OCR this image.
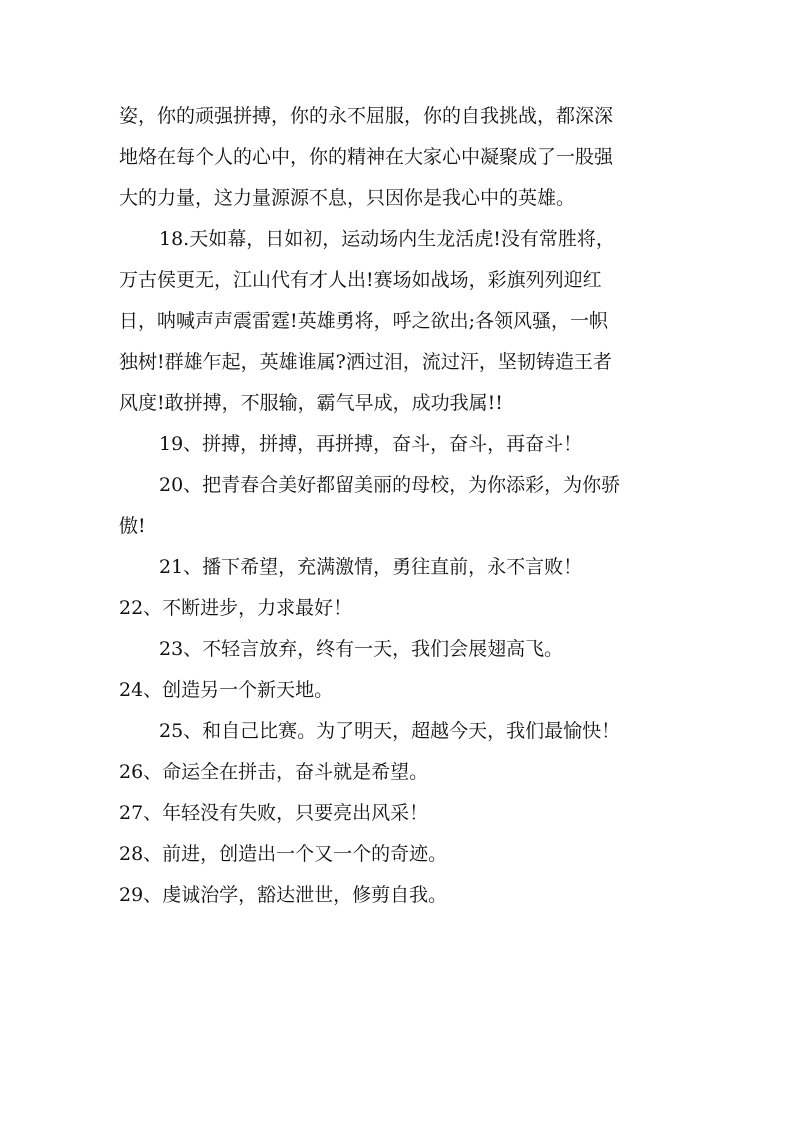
姿，你的顽强拼搏，你的永不屈服，你的自我挑战，都深深
地烙在每个人的心中，你的精神在大家心中凝聚成了一股强
大的力量，这力量源源不息，只因你是我心中的英雄。
18.天如幕，日如初，运动场内生龙活虎!没有常胜将，
万古侯更无，江山代有才人出!赛场如战场，彩旗列列迎红
日，呐喊声声震雷霆!英雄勇将，呼之欲出;各领风骚，一帜
独树!群雄乍起，英雄谁属?洒过泪，流过汗，坚韧铸造王者
风度!敢拼搏，不服输，霸气早成，成功我属!!
19、拼搏，拼搏，再拼搏，奋斗，奋斗，再奋斗！
20、把青春合美好都留美丽的母校，为你添彩，为你骄
傲!
21、播下希望，充满激情，勇往直前，永不言败！
22、不断进步，力求最好！
23、不轻言放弃，终有一天，我们会展翅高飞。
24、创造另一个新天地。
25、和自己比赛。为了明天，超越今天，我们最愉快！
26、命运全在拼击，奋斗就是希望。
27、年轻没有失败，只要亮出风采！
28、前进，创造出一个又一个的奇迹。
29、虔诚治学，豁达泄世，修剪自我。
